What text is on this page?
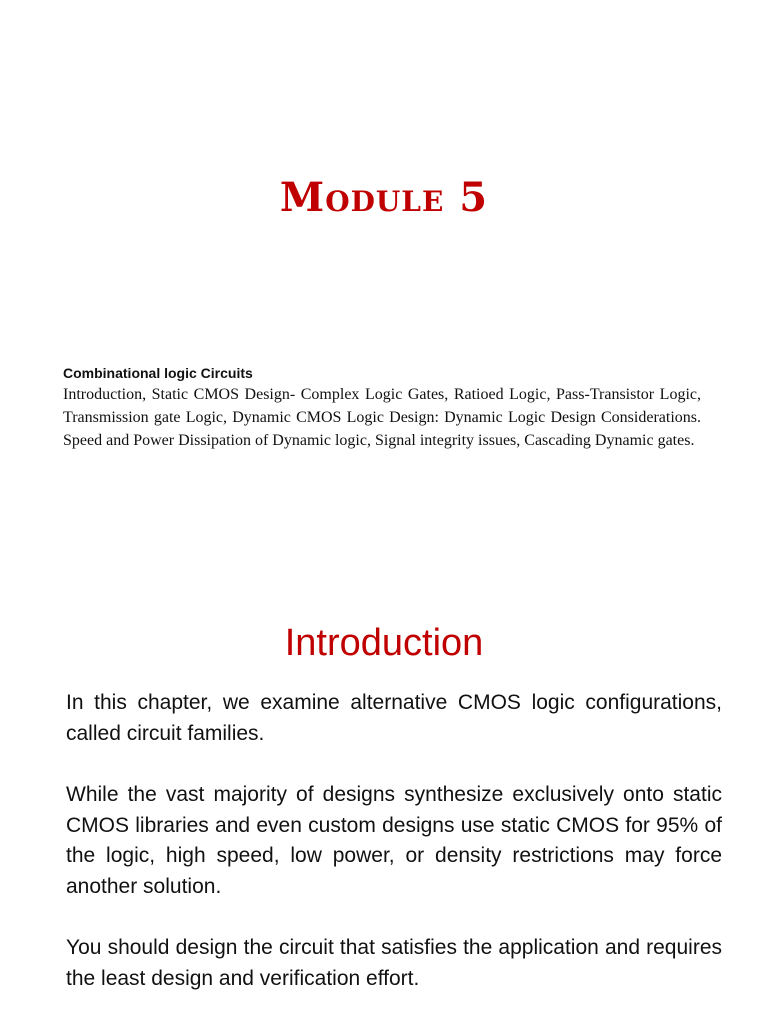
Module 5

Combinational logic Circuits

Introduction, Static CMOS Design- Complex Logic Gates, Ratioed Logic, Pass-Transistor Logic, Transmission gate Logic, Dynamic CMOS Logic Design: Dynamic Logic Design Considerations. Speed and Power Dissipation of Dynamic logic, Signal integrity issues, Cascading Dynamic gates.

Introduction

In this chapter, we examine alternative CMOS logic configurations, called circuit families.

While the vast majority of designs synthesize exclusively onto static CMOS libraries and even custom designs use static CMOS for 95% of the logic, high speed, low power, or density restrictions may force another solution.

You should design the circuit that satisfies the application and requires the least design and verification effort.
